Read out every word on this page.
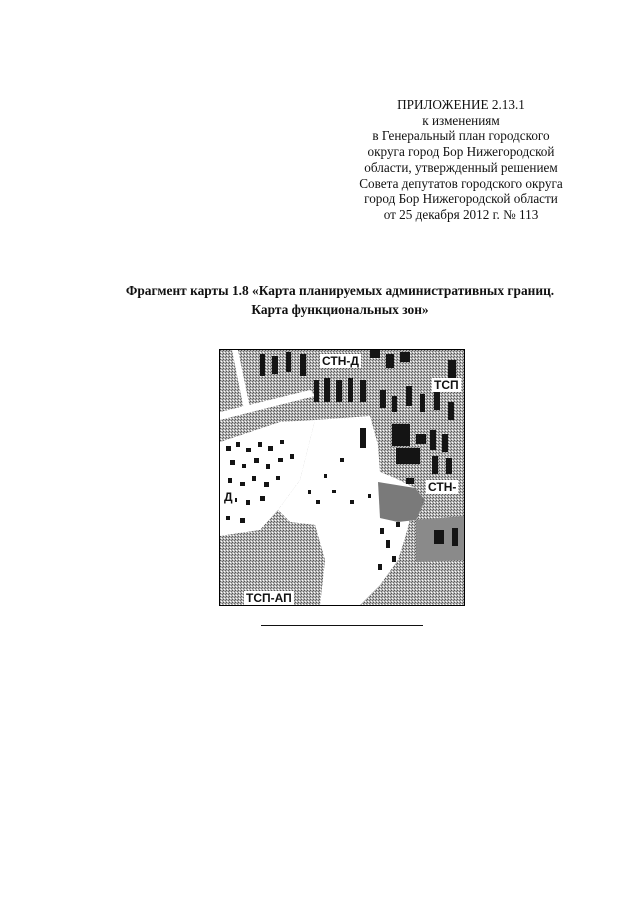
ПРИЛОЖЕНИЕ 2.13.1
к изменениям
в Генеральный план городского
округа город Бор Нижегородской
области, утвержденный решением
Совета депутатов городского округа
город Бор Нижегородской области
от 25 декабря 2012 г. № 113
Фрагмент карты 1.8 «Карта планируемых административных границ.
Карта функциональных зон»
СТН-Д
ТСП
СТН-
Д
ТСП-АП
